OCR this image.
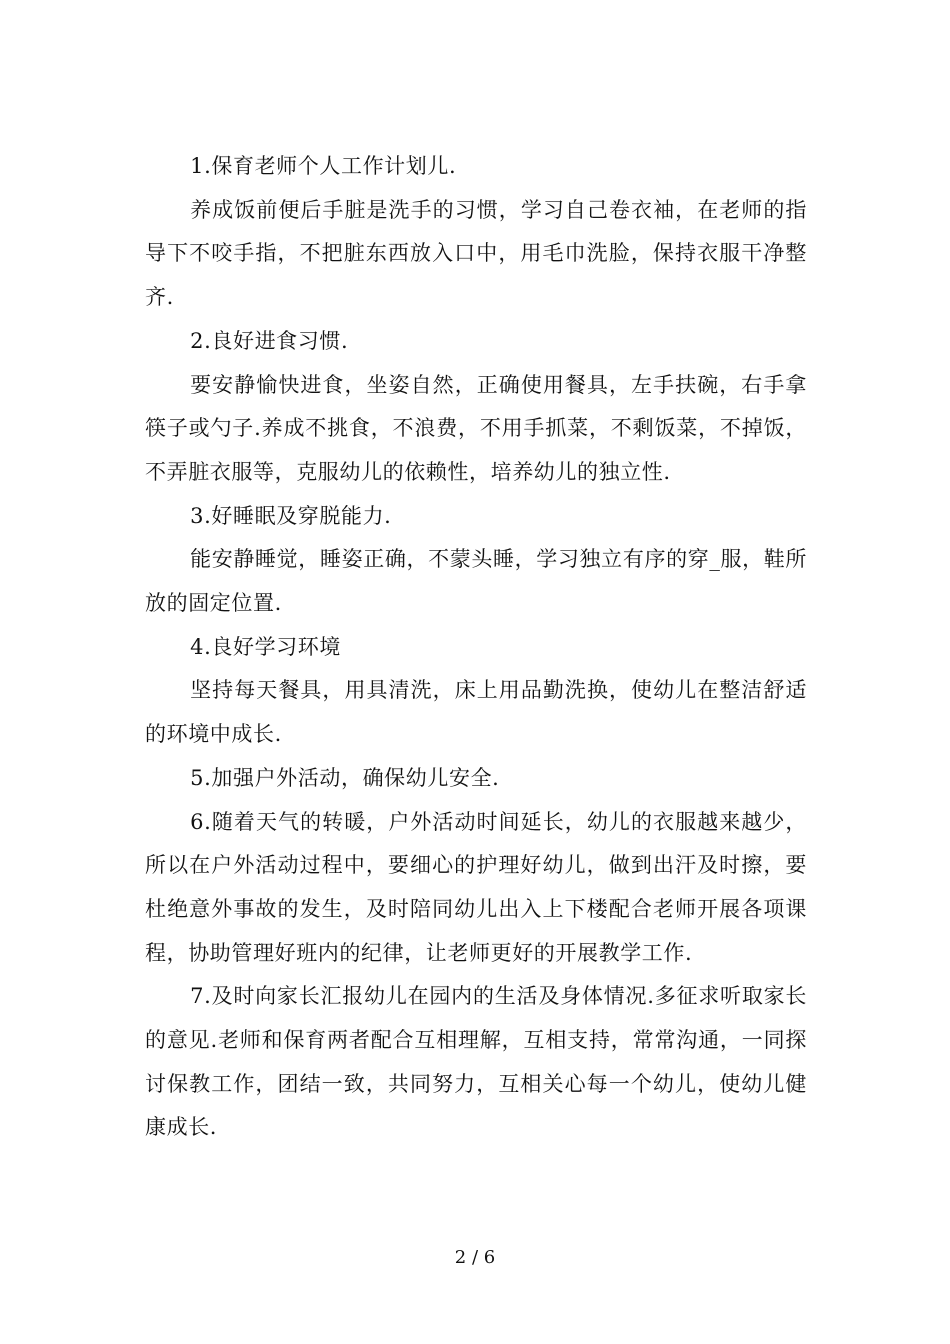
1.保育老师个人工作计划儿.

养成饭前便后手脏是洗手的习惯，学习自己卷衣袖，在老师的指导下不咬手指，不把脏东西放入口中，用毛巾洗脸，保持衣服干净整齐.

2.良好进食习惯.

要安静愉快进食，坐姿自然，正确使用餐具，左手扶碗，右手拿筷子或勺子.养成不挑食，不浪费，不用手抓菜，不剩饭菜，不掉饭，不弄脏衣服等，克服幼儿的依赖性，培养幼儿的独立性.

3.好睡眠及穿脱能力.

能安静睡觉，睡姿正确，不蒙头睡，学习独立有序的穿_服，鞋所放的固定位置.

4.良好学习环境

坚持每天餐具，用具清洗，床上用品勤洗换，使幼儿在整洁舒适的环境中成长.

5.加强户外活动，确保幼儿安全.

6.随着天气的转暖，户外活动时间延长，幼儿的衣服越来越少，所以在户外活动过程中，要细心的护理好幼儿，做到出汗及时擦，要杜绝意外事故的发生，及时陪同幼儿出入上下楼配合老师开展各项课程，协助管理好班内的纪律，让老师更好的开展教学工作.

7.及时向家长汇报幼儿在园内的生活及身体情况.多征求听取家长的意见.老师和保育两者配合互相理解，互相支持，常常沟通，一同探讨保教工作，团结一致，共同努力，互相关心每一个幼儿，使幼儿健康成长.

2 / 6
